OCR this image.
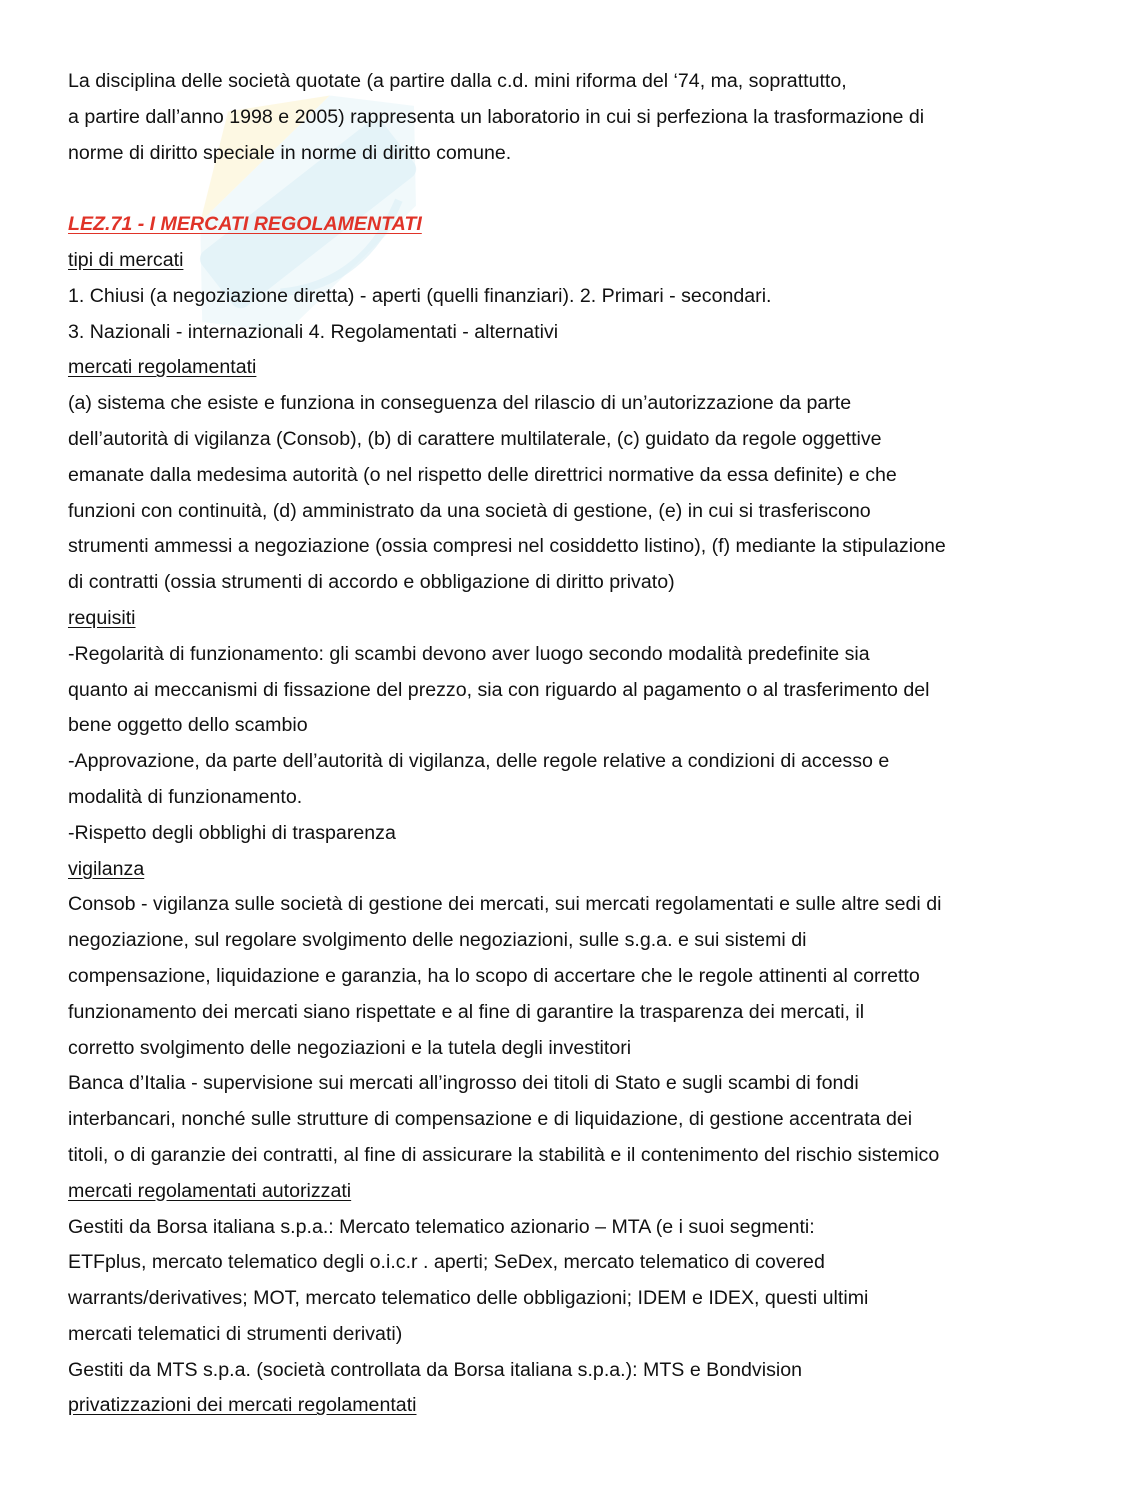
La disciplina delle società quotate (a partire dalla c.d. mini riforma del ‘74, ma, soprattutto,
a partire dall’anno 1998 e 2005) rappresenta un laboratorio in cui si perfeziona la trasformazione di
norme di diritto speciale in norme di diritto comune.
LEZ.71 - I MERCATI REGOLAMENTATI
tipi di mercati
1. Chiusi (a negoziazione diretta) - aperti (quelli finanziari). 2. Primari - secondari.
3. Nazionali - internazionali 4. Regolamentati - alternativi
mercati regolamentati
(a) sistema che esiste e funziona in conseguenza del rilascio di un’autorizzazione da parte
dell’autorità di vigilanza (Consob), (b) di carattere multilaterale, (c) guidato da regole oggettive
emanate dalla medesima autorità (o nel rispetto delle direttrici normative da essa definite) e che
funzioni con continuità, (d) amministrato da una società di gestione, (e) in cui si trasferiscono
strumenti ammessi a negoziazione (ossia compresi nel cosiddetto listino), (f) mediante la stipulazione
di contratti (ossia strumenti di accordo e obbligazione di diritto privato)
requisiti
-Regolarità di funzionamento: gli scambi devono aver luogo secondo modalità predefinite sia
quanto ai meccanismi di fissazione del prezzo, sia con riguardo al pagamento o al trasferimento del
bene oggetto dello scambio
-Approvazione, da parte dell’autorità di vigilanza, delle regole relative a condizioni di accesso e
modalità di funzionamento.
-Rispetto degli obblighi di trasparenza
vigilanza
Consob - vigilanza sulle società di gestione dei mercati, sui mercati regolamentati e sulle altre sedi di
negoziazione, sul regolare svolgimento delle negoziazioni, sulle s.g.a. e sui sistemi di
compensazione, liquidazione e garanzia, ha lo scopo di accertare che le regole attinenti al corretto
funzionamento dei mercati siano rispettate e al fine di garantire la trasparenza dei mercati, il
corretto svolgimento delle negoziazioni e la tutela degli investitori
Banca d’Italia - supervisione sui mercati all’ingrosso dei titoli di Stato e sugli scambi di fondi
interbancari, nonché sulle strutture di compensazione e di liquidazione, di gestione accentrata dei
titoli, o di garanzie dei contratti, al fine di assicurare la stabilità e il contenimento del rischio sistemico
mercati regolamentati autorizzati
Gestiti da Borsa italiana s.p.a.: Mercato telematico azionario – MTA (e i suoi segmenti:
ETFplus, mercato telematico degli o.i.c.r . aperti; SeDex, mercato telematico di covered
warrants/derivatives; MOT, mercato telematico delle obbligazioni; IDEM e IDEX, questi ultimi
mercati telematici di strumenti derivati)
Gestiti da MTS s.p.a. (società controllata da Borsa italiana s.p.a.): MTS e Bondvision
privatizzazioni dei mercati regolamentati
